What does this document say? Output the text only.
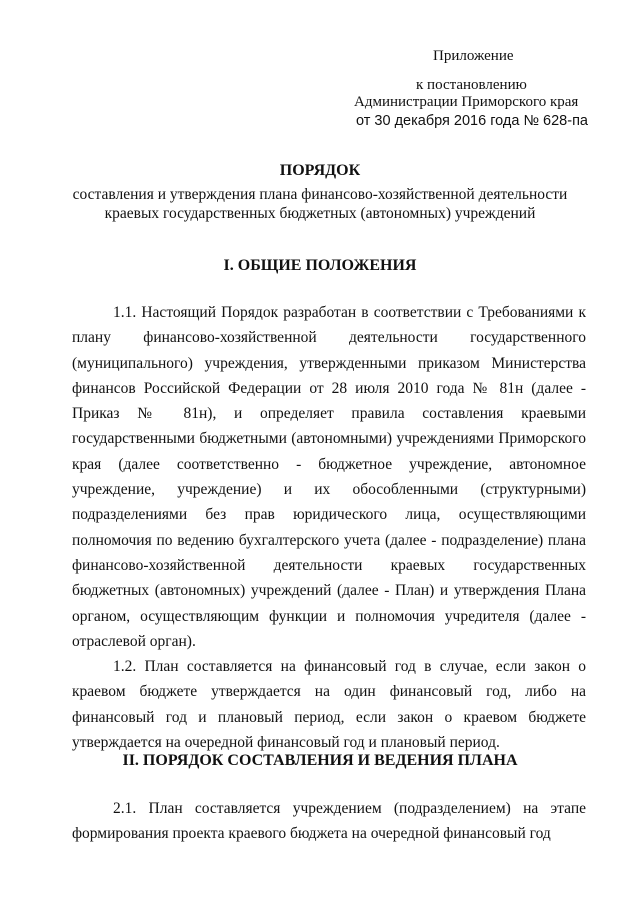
Приложение
к постановлению
Администрации Приморского края
от 30 декабря 2016 года № 628-па
ПОРЯДОК
составления и утверждения плана финансово-хозяйственной деятельности
краевых государственных бюджетных (автономных) учреждений
I. ОБЩИЕ ПОЛОЖЕНИЯ

1.1. Настоящий Порядок разработан в соответствии с Требованиями к плану финансово-хозяйственной деятельности государственного (муниципального) учреждения, утвержденными приказом Министерства финансов Российской Федерации от 28 июля 2010 года № 81н (далее - Приказ № 81н), и определяет правила составления краевыми государственными бюджетными (автономными) учреждениями Приморского края (далее соответственно - бюджетное учреждение, автономное учреждение, учреждение) и их обособленными (структурными) подразделениями без прав юридического лица, осуществляющими полномочия по ведению бухгалтерского учета (далее - подразделение) плана финансово-хозяйственной деятельности краевых государственных бюджетных (автономных) учреждений (далее - План) и утверждения Плана органом, осуществляющим функции и полномочия учредителя (далее - отраслевой орган).

1.2. План составляется на финансовый год в случае, если закон о краевом бюджете утверждается на один финансовый год, либо на финансовый год и плановый период, если закон о краевом бюджете утверждается на очередной финансовый год и плановый период.

II. ПОРЯДОК СОСТАВЛЕНИЯ И ВЕДЕНИЯ ПЛАНА

2.1. План составляется учреждением (подразделением) на этапе формирования проекта краевого бюджета на очередной финансовый год
